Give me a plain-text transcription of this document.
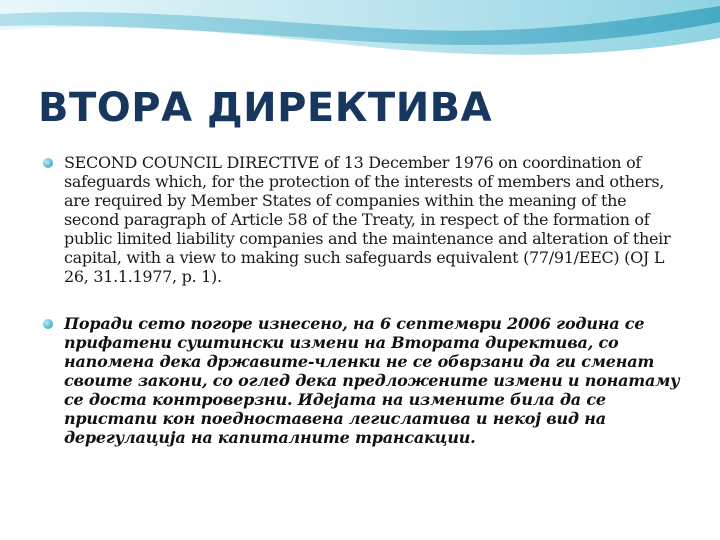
ВТОРА ДИРЕКТИВА

SECOND COUNCIL DIRECTIVE of 13 December 1976 on coordination of safeguards which, for the protection of the interests of members and others, are required by Member States of companies within the meaning of the second paragraph of Article 58 of the Treaty, in respect of the formation of public limited liability companies and the maintenance and alteration of their capital, with a view to making such safeguards equivalent (77/91/EEC) (OJ L 26, 31.1.1977, p. 1).

Поради сето погоре изнесено, на 6 септември 2006 година се прифатени суштински измени на Втората директива, со напомена дека државите-членки не се обврзани да ги сменат своите закони, со оглед дека предложените измени и понатаму се доста контроверзни. Идејата на измените била да се пристапи кон поедноставена легислатива и некој вид на дерегулација на капиталните трансакции.
